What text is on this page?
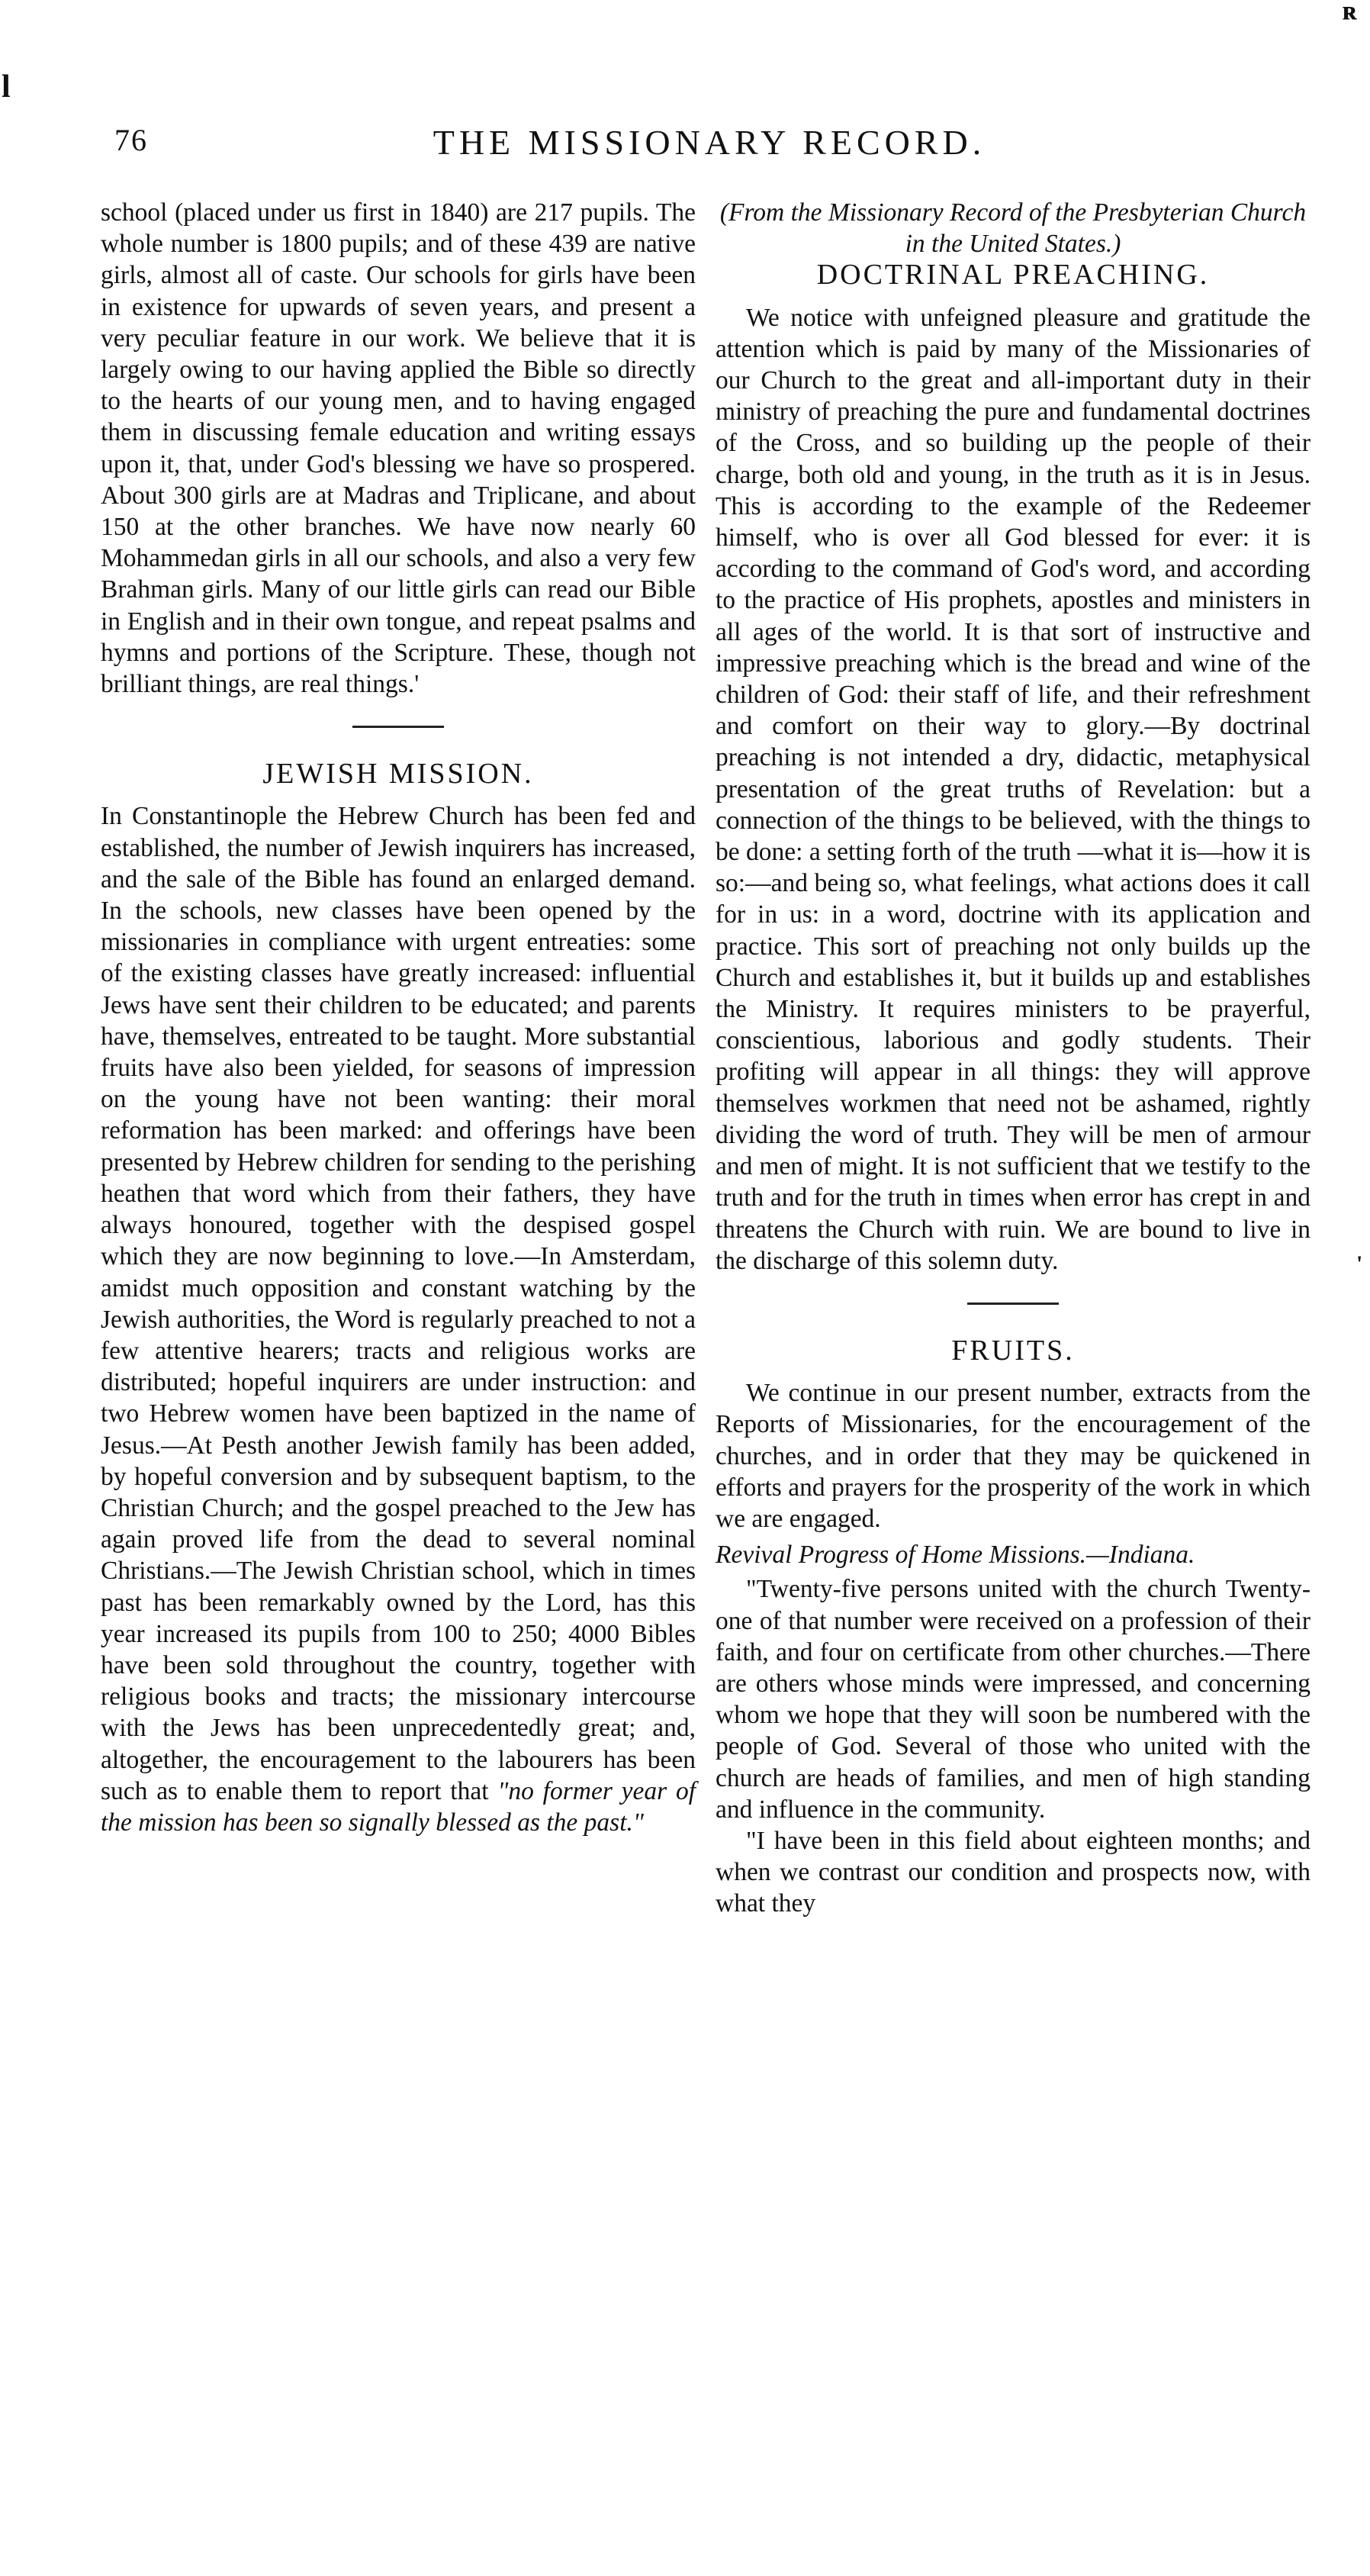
ᴿ
l
'
76	THE MISSIONARY RECORD.

school (placed under us first in 1840) are 217 pupils. The whole number is 1800 pupils; and of these 439 are native girls, almost all of caste. Our schools for girls have been in existence for upwards of seven years, and present a very peculiar feature in our work. We believe that it is largely owing to our having applied the Bible so directly to the hearts of our young men, and to having engaged them in discussing female education and writing essays upon it, that, under God's blessing we have so prospered. About 300 girls are at Madras and Triplicane, and about 150 at the other branches. We have now nearly 60 Mohammedan girls in all our schools, and also a very few Brahman girls. Many of our little girls can read our Bible in English and in their own tongue, and repeat psalms and hymns and portions of the Scripture. These, though not brilliant things, are real things.'

JEWISH MISSION.

In Constantinople the Hebrew Church has been fed and established, the number of Jewish inquirers has increased, and the sale of the Bible has found an enlarged demand. In the schools, new classes have been opened by the missionaries in compliance with urgent entreaties: some of the existing classes have greatly increased: influential Jews have sent their children to be educated; and parents have, themselves, entreated to be taught. More substantial fruits have also been yielded, for seasons of impression on the young have not been wanting: their moral reformation has been marked: and offerings have been presented by Hebrew children for sending to the perishing heathen that word which from their fathers, they have always honoured, together with the despised gospel which they are now beginning to love.—In Amsterdam, amidst much opposition and constant watching by the Jewish authorities, the Word is regularly preached to not a few attentive hearers; tracts and religious works are distributed; hopeful inquirers are under instruction: and two Hebrew women have been baptized in the name of Jesus.—At Pesth another Jewish family has been added, by hopeful conversion and by subsequent baptism, to the Christian Church; and the gospel preached to the Jew has again proved life from the dead to several nominal Christians.—The Jewish Christian school, which in times past has been remarkably owned by the Lord, has this year increased its pupils from 100 to 250; 4000 Bibles have been sold throughout the country, together with religious books and tracts; the missionary intercourse with the Jews has been unprecedentedly great; and, altogether, the encouragement to the labourers has been such as to enable them to report that "no former year of the mission has been so signally blessed as the past."

(From the Missionary Record of the Presbyterian Church in the United States.)

DOCTRINAL PREACHING.

We notice with unfeigned pleasure and gratitude the attention which is paid by many of the Missionaries of our Church to the great and all-important duty in their ministry of preaching the pure and fundamental doctrines of the Cross, and so building up the people of their charge, both old and young, in the truth as it is in Jesus. This is according to the example of the Redeemer himself, who is over all God blessed for ever: it is according to the command of God's word, and according to the practice of His prophets, apostles and ministers in all ages of the world. It is that sort of instructive and impressive preaching which is the bread and wine of the children of God: their staff of life, and their refreshment and comfort on their way to glory.—By doctrinal preaching is not intended a dry, didactic, metaphysical presentation of the great truths of Revelation: but a connection of the things to be believed, with the things to be done: a setting forth of the truth —what it is—how it is so:—and being so, what feelings, what actions does it call for in us: in a word, doctrine with its application and practice. This sort of preaching not only builds up the Church and establishes it, but it builds up and establishes the Ministry. It requires ministers to be prayerful, conscientious, laborious and godly students. Their profiting will appear in all things: they will approve themselves workmen that need not be ashamed, rightly dividing the word of truth. They will be men of armour and men of might. It is not sufficient that we testify to the truth and for the truth in times when error has crept in and threatens the Church with ruin. We are bound to live in the discharge of this solemn duty.

FRUITS.

We continue in our present number, extracts from the Reports of Missionaries, for the encouragement of the churches, and in order that they may be quickened in efforts and prayers for the prosperity of the work in which we are engaged.

Revival Progress of Home Missions.—Indiana.

"Twenty-five persons united with the church Twenty-one of that number were received on a profession of their faith, and four on certificate from other churches.—There are others whose minds were impressed, and concerning whom we hope that they will soon be numbered with the people of God. Several of those who united with the church are heads of families, and men of high standing and influence in the community.

"I have been in this field about eighteen months; and when we contrast our condition and prospects now, with what they
